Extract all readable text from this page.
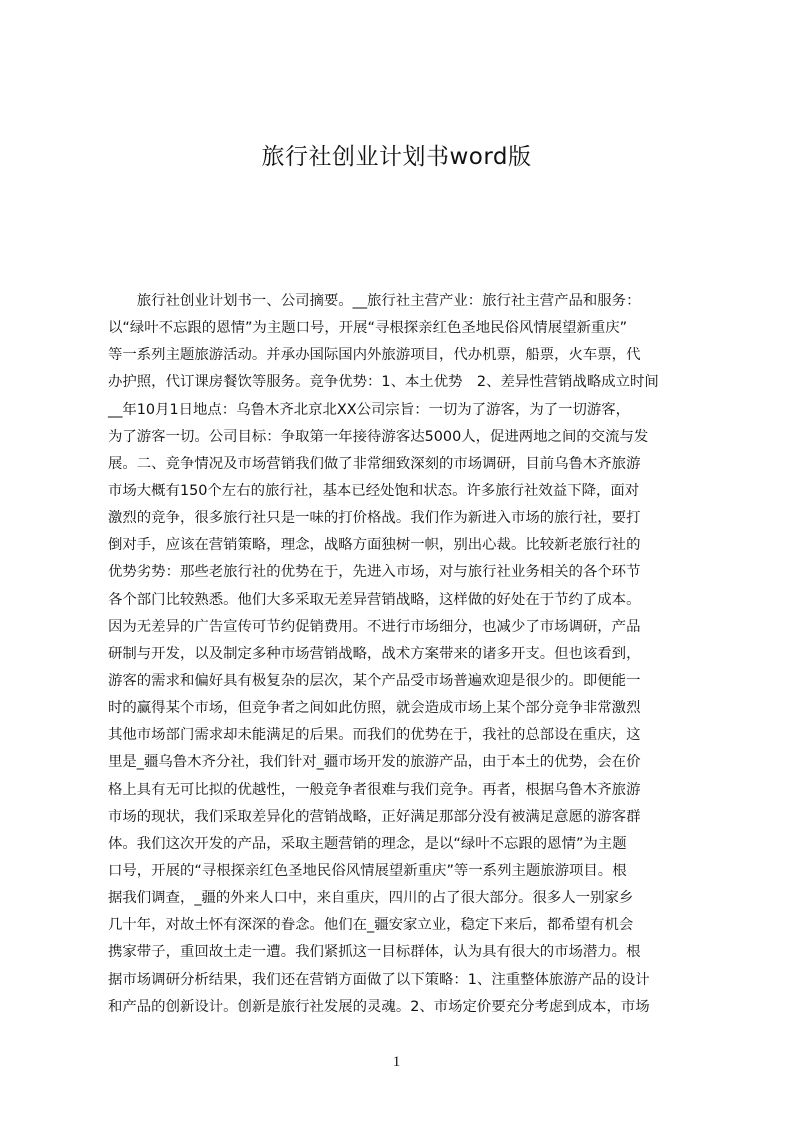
旅行社创业计划书word版
　　旅行社创业计划书一、公司摘要。__旅行社主营产业：旅行社主营产品和服务：
以“绿叶不忘跟的恩情”为主题口号，开展“寻根探亲红色圣地民俗风情展望新重庆”
等一系列主题旅游活动。并承办国际国内外旅游项目，代办机票，船票，火车票，代
办护照，代订课房餐饮等服务。竞争优势：1、本土优势　2、差异性营销战略成立时间
__年10月1日地点：乌鲁木齐北京北XX公司宗旨：一切为了游客，为了一切游客，
为了游客一切。公司目标：争取第一年接待游客达5000人，促进两地之间的交流与发
展。二、竞争情况及市场营销我们做了非常细致深刻的市场调研，目前乌鲁木齐旅游
市场大概有150个左右的旅行社，基本已经处饱和状态。许多旅行社效益下降，面对
激烈的竞争，很多旅行社只是一味的打价格战。我们作为新进入市场的旅行社，要打
倒对手，应该在营销策略，理念，战略方面独树一帜，别出心裁。比较新老旅行社的
优势劣势：那些老旅行社的优势在于，先进入市场，对与旅行社业务相关的各个环节
各个部门比较熟悉。他们大多采取无差异营销战略，这样做的好处在于节约了成本。
因为无差异的广告宣传可节约促销费用。不进行市场细分，也减少了市场调研，产品
研制与开发，以及制定多种市场营销战略，战术方案带来的诸多开支。但也该看到，
游客的需求和偏好具有极复杂的层次，某个产品受市场普遍欢迎是很少的。即便能一
时的赢得某个市场，但竞争者之间如此仿照，就会造成市场上某个部分竞争非常激烈
其他市场部门需求却未能满足的后果。而我们的优势在于，我社的总部设在重庆，这
里是_疆乌鲁木齐分社，我们针对_疆市场开发的旅游产品，由于本土的优势，会在价
格上具有无可比拟的优越性，一般竞争者很难与我们竞争。再者，根据乌鲁木齐旅游
市场的现状，我们采取差异化的营销战略，正好满足那部分没有被满足意愿的游客群
体。我们这次开发的产品，采取主题营销的理念，是以“绿叶不忘跟的恩情”为主题
口号，开展的“寻根探亲红色圣地民俗风情展望新重庆”等一系列主题旅游项目。根
据我们调查，_疆的外来人口中，来自重庆，四川的占了很大部分。很多人一别家乡
几十年，对故土怀有深深的眷念。他们在_疆安家立业，稳定下来后，都希望有机会
携家带子，重回故土走一遭。我们紧抓这一目标群体，认为具有很大的市场潜力。根
据市场调研分析结果，我们还在营销方面做了以下策略：1、注重整体旅游产品的设计
和产品的创新设计。创新是旅行社发展的灵魂。2、市场定价要充分考虑到成本，市场
1
